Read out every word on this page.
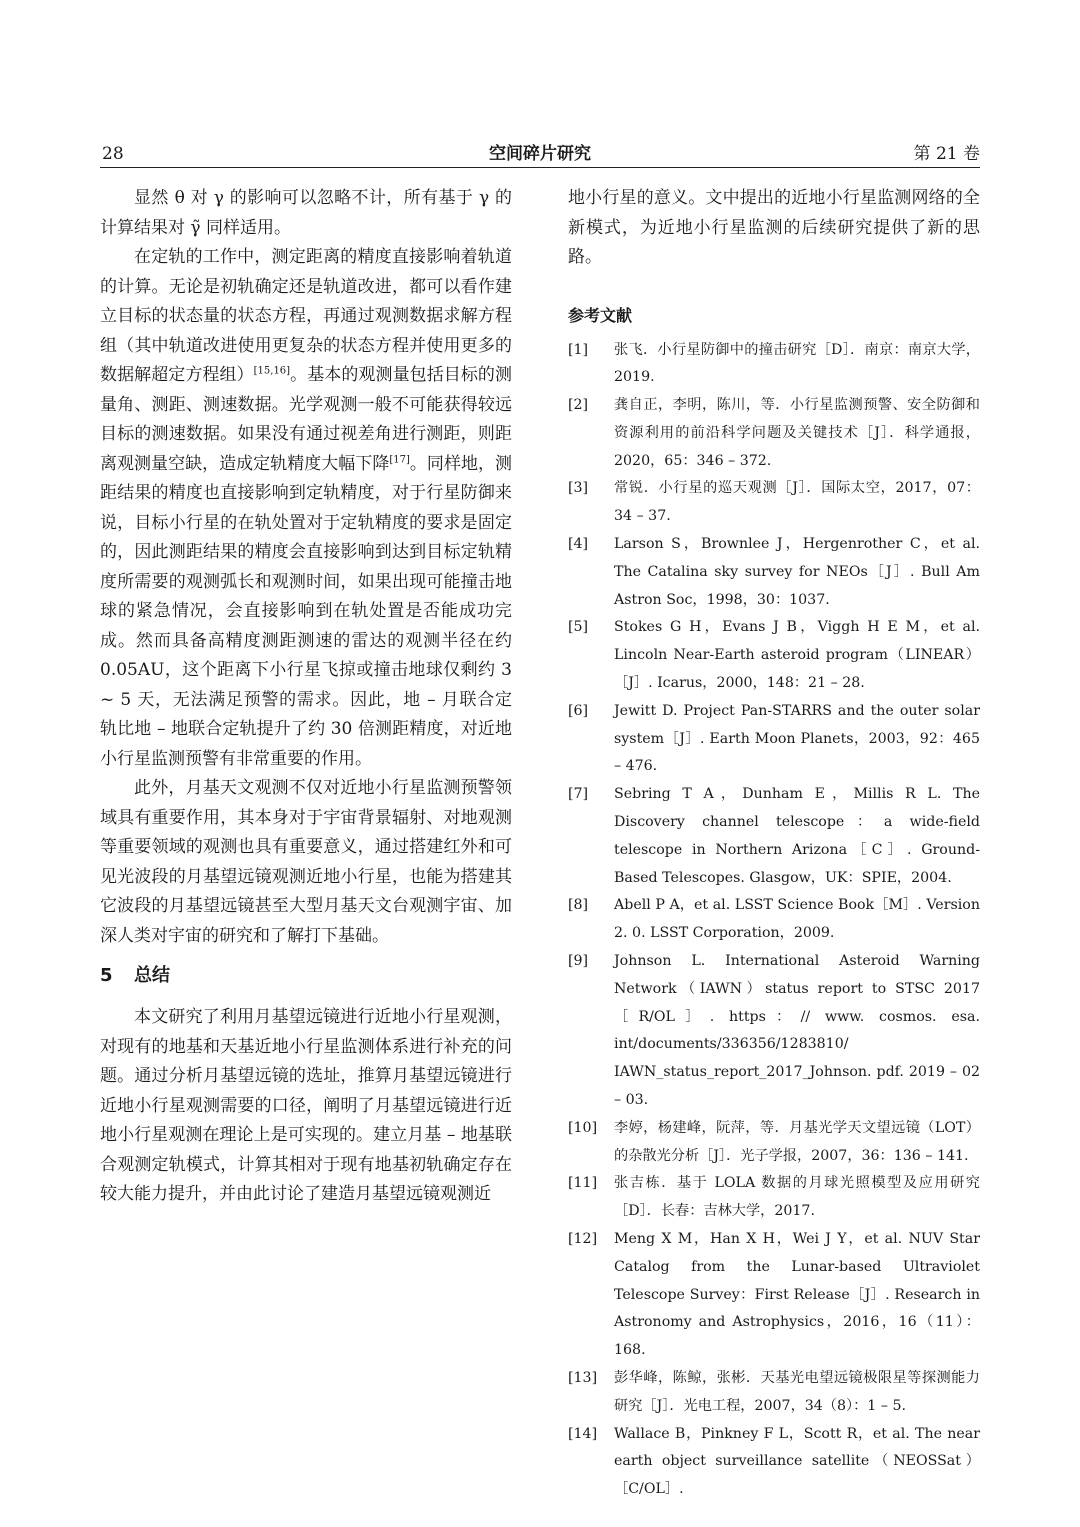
28	空间碎片研究	第 21 卷

显然 θ 对 γ 的影响可以忽略不计，所有基于 γ 的计算结果对 γ̃ 同样适用。

在定轨的工作中，测定距离的精度直接影响着轨道的计算。无论是初轨确定还是轨道改进，都可以看作建立目标的状态量的状态方程，再通过观测数据求解方程组（其中轨道改进使用更复杂的状态方程并使用更多的数据解超定方程组）[15,16]。基本的观测量包括目标的测量角、测距、测速数据。光学观测一般不可能获得较远目标的测速数据。如果没有通过视差角进行测距，则距离观测量空缺，造成定轨精度大幅下降[17]。同样地，测距结果的精度也直接影响到定轨精度，对于行星防御来说，目标小行星的在轨处置对于定轨精度的要求是固定的，因此测距结果的精度会直接影响到达到目标定轨精度所需要的观测弧长和观测时间，如果出现可能撞击地球的紧急情况，会直接影响到在轨处置是否能成功完成。然而具备高精度测距测速的雷达的观测半径在约 0.05AU，这个距离下小行星飞掠或撞击地球仅剩约 3 ~ 5 天，无法满足预警的需求。因此，地 – 月联合定轨比地 – 地联合定轨提升了约 30 倍测距精度，对近地小行星监测预警有非常重要的作用。

此外，月基天文观测不仅对近地小行星监测预警领域具有重要作用，其本身对于宇宙背景辐射、对地观测等重要领域的观测也具有重要意义，通过搭建红外和可见光波段的月基望远镜观测近地小行星，也能为搭建其它波段的月基望远镜甚至大型月基天文台观测宇宙、加深人类对宇宙的研究和了解打下基础。

5 总结

本文研究了利用月基望远镜进行近地小行星观测，对现有的地基和天基近地小行星监测体系进行补充的问题。通过分析月基望远镜的选址，推算月基望远镜进行近地小行星观测需要的口径，阐明了月基望远镜进行近地小行星观测在理论上是可实现的。建立月基 – 地基联合观测定轨模式，计算其相对于现有地基初轨确定存在较大能力提升，并由此讨论了建造月基望远镜观测近

地小行星的意义。文中提出的近地小行星监测网络的全新模式，为近地小行星监测的后续研究提供了新的思路。

参考文献

[1]	张飞．小行星防御中的撞击研究［D］．南京：南京大学，2019.

[2]	龚自正，李明，陈川，等．小行星监测预警、安全防御和资源利用的前沿科学问题及关键技术［J］．科学通报，2020，65：346 – 372.

[3]	常锐．小行星的巡天观测［J］．国际太空，2017，07：34 – 37.

[4]	Larson S，Brownlee J，Hergenrother C，et al. The Catalina sky survey for NEOs［J］. Bull Am Astron Soc，1998，30：1037.

[5]	Stokes G H，Evans J B，Viggh H E M，et al. Lincoln Near-Earth asteroid program（LINEAR）［J］. Icarus，2000，148：21 – 28.

[6]	Jewitt D. Project Pan-STARRS and the outer solar system［J］. Earth Moon Planets，2003，92：465 – 476.

[7]	Sebring T A，Dunham E，Millis R L. The Discovery channel telescope：a wide-field telescope in Northern Arizona［C］. Ground-Based Telescopes. Glasgow，UK：SPIE，2004.

[8]	Abell P A，et al. LSST Science Book［M］. Version 2. 0. LSST Corporation，2009.

[9]	Johnson L. International Asteroid Warning Network（IAWN）status report to STSC 2017［R/OL］. https：// www. cosmos. esa. int/documents/336356/1283810/ IAWN_status_report_2017_Johnson. pdf. 2019 – 02 – 03.

[10]	李婷，杨建峰，阮萍，等．月基光学天文望远镜（LOT）的杂散光分析［J］．光子学报，2007，36：136 – 141.

[11]	张吉栋．基于 LOLA 数据的月球光照模型及应用研究［D］．长春：吉林大学，2017.

[12]	Meng X M，Han X H，Wei J Y，et al. NUV Star Catalog from the Lunar-based Ultraviolet Telescope Survey：First Release［J］. Research in Astronomy and Astrophysics，2016，16（11）：168.

[13]	彭华峰，陈鲸，张彬．天基光电望远镜极限星等探测能力研究［J］．光电工程，2007，34（8）：1 – 5.

[14]	Wallace B，Pinkney F L，Scott R，et al. The near earth object surveillance satellite（NEOSSat）［C/OL］.
